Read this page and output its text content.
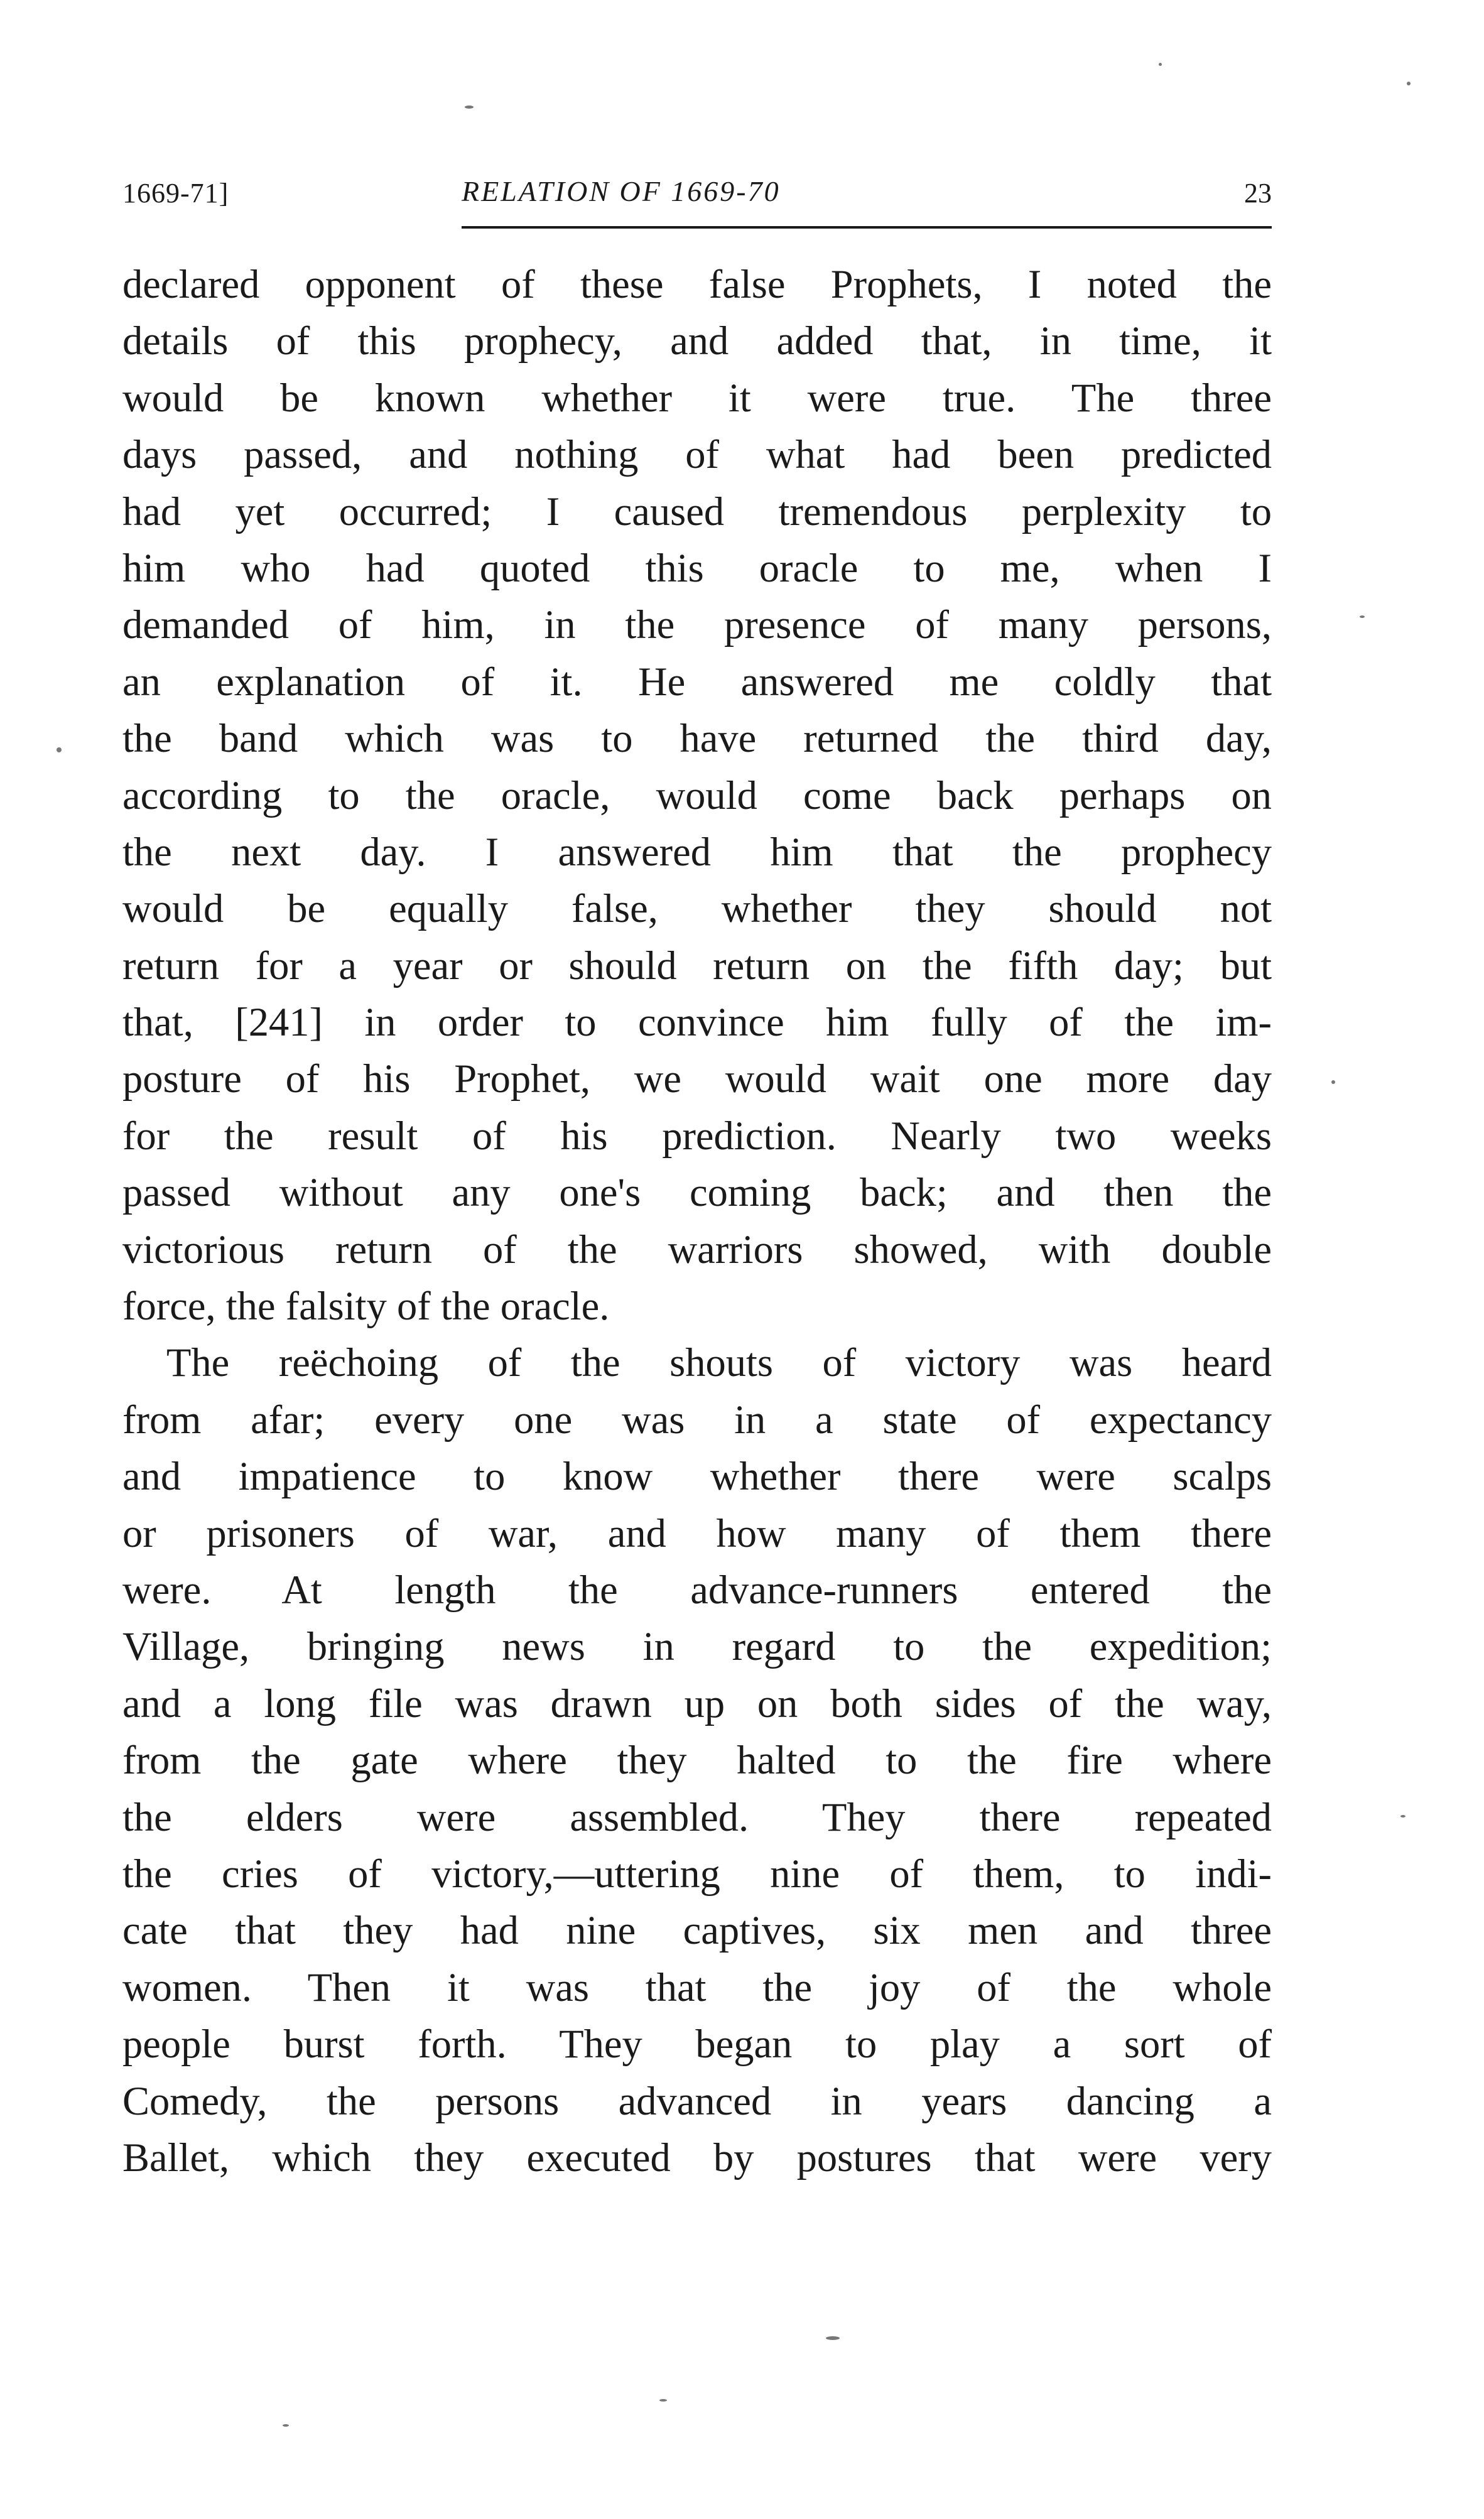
1669-71]	RELATION OF 1669-70	23
declared opponent of these false Prophets, I noted the
details of this prophecy, and added that, in time, it
would be known whether it were true. The three
days passed, and nothing of what had been predicted
had yet occurred; I caused tremendous perplexity to
him who had quoted this oracle to me, when I
demanded of him, in the presence of many persons,
an explanation of it. He answered me coldly that
the band which was to have returned the third day,
according to the oracle, would come back perhaps on
the next day. I answered him that the prophecy
would be equally false, whether they should not
return for a year or should return on the fifth day; but
that, [241] in order to convince him fully of the im-
posture of his Prophet, we would wait one more day
for the result of his prediction. Nearly two weeks
passed without any one's coming back; and then the
victorious return of the warriors showed, with double
force, the falsity of the oracle.
The reëchoing of the shouts of victory was heard
from afar; every one was in a state of expectancy
and impatience to know whether there were scalps
or prisoners of war, and how many of them there
were. At length the advance-runners entered the
Village, bringing news in regard to the expedition;
and a long file was drawn up on both sides of the way,
from the gate where they halted to the fire where
the elders were assembled. They there repeated
the cries of victory,—uttering nine of them, to indi-
cate that they had nine captives, six men and three
women. Then it was that the joy of the whole
people burst forth. They began to play a sort of
Comedy, the persons advanced in years dancing a
Ballet, which they executed by postures that were very
